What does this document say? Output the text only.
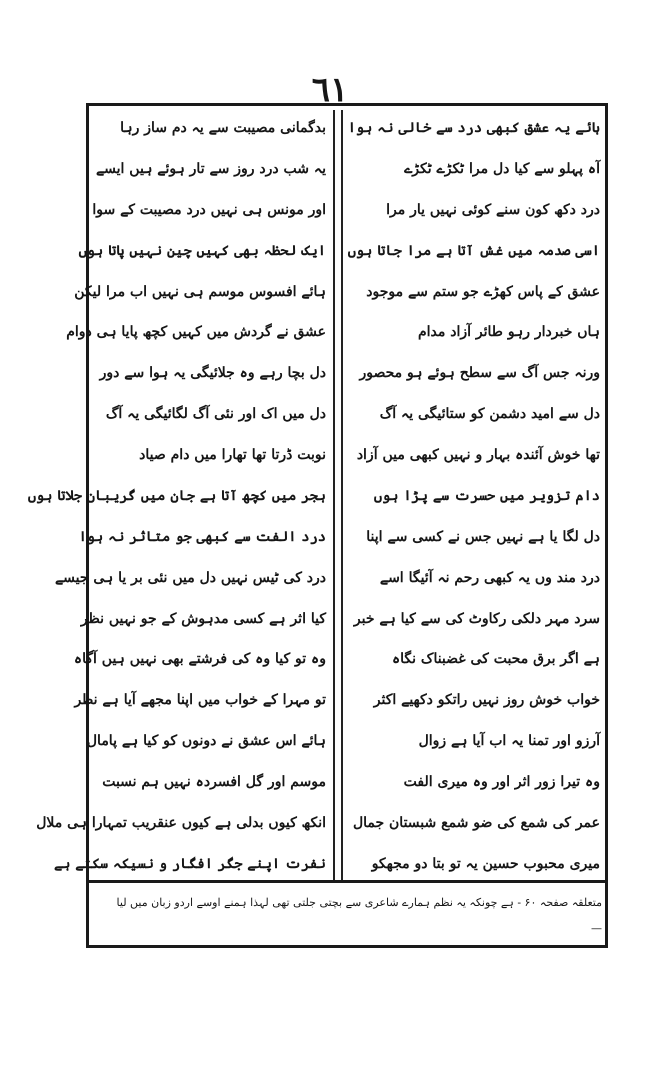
٦١
ہائے یہ عشق کبھی درد سے خالی نہ ہوا
آہ پہلو سے کیا دل مرا ٹکڑے ٹکڑے
درد دکھ کون سنے کوئی نہیں یار مرا
اسی صدمہ میں غش آتا ہے مرا جاتا ہوں
عشق کے پاس کھڑے جو ستم سے موجود
ہاں خبردار رہو طائر آزاد مدام
ورنہ جس آگ سے سطح ہوئے ہو محصور
دل سے امید دشمن کو ستائیگی یہ آگ
تھا خوش آئندہ بہار و نہیں کبھی میں آزاد
دام تزویر میں حسرت سے پڑا ہوں
دل لگا یا ہے نہیں جس نے کسی سے اپنا
درد مند وں یہ کبھی رحم نہ آئیگا اسے
سرد مہر دلکی رکاوٹ کی سے کیا ہے خبر
ہے اگر برق محبت کی غضبناک نگاہ
خواب خوش روز نہیں راتکو دکھیے اکثر
آرزو اور تمنا یہ اب آیا ہے زوال
وہ تیرا زور اثر اور وہ میری الفت
عمر کی شمع کی ضو شمع شبستان جمال
میری محبوب حسین یہ تو بتا دو مجھکو
بدگمانی مصیبت سے یہ دم ساز رہا
یہ شب درد روز سے تار ہوئے ہیں ایسے
اور مونس ہی نہیں درد مصیبت کے سوا
ایک لحظہ بھی کہیں چین نہیں پاتا ہوں
ہائے افسوس موسم ہی نہیں اب مرا لیکن
عشق نے گردش میں کہیں کچھ پایا ہی دوام
دل بچا رہے وہ جلائیگی یہ ہوا سے دور
دل میں اک اور نئی آگ لگائیگی یہ آگ
نوبت ڈرتا تھا تھارا میں دام صیاد
ہجر میں کچھ آتا ہے جان میں گریبان جلاتا ہوں
درد الفت سے کبھی جو متاثر نہ ہوا
درد کی ٹیس نہیں دل میں نئی بر یا ہی جیسے
کیا اثر ہے کسی مدہوش کے جو نہیں نظر
وہ تو کیا وہ کی فرشتے بھی نہیں ہیں آگاہ
تو مہرا کے خواب میں اپنا مجھے آیا ہے نظر
ہائے اس عشق نے دونوں کو کیا ہے پامال
موسم اور گل افسردہ نہیں ہم نسبت
انکھ کیوں بدلی ہے کیوں عنقریب تمہارا ہی ملال
نفرت اپنے جگر افگار و نسیکہ سکتے ہے
متعلقہ صفحہ ۶۰ - ہے چونکہ یہ نظم ہمارے شاعری سے بچتی جلتی تھی لہذا ہمنے اوسے اردو زبان میں لیا
—
